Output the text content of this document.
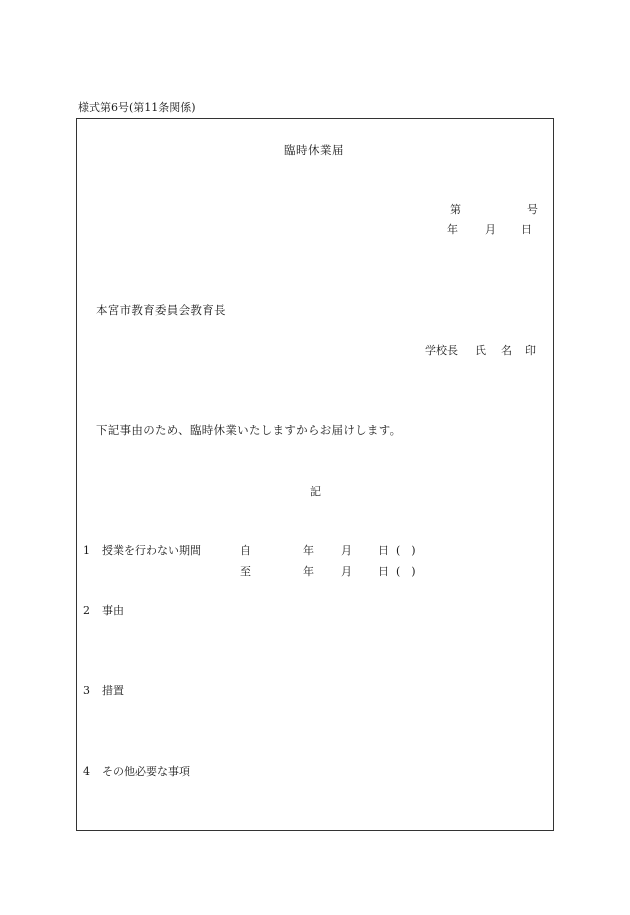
様式第6号(第11条関係)
臨時休業届
第	号
年 月 日
本宮市教育委員会教育長
学校長 氏 名 印
下記事由のため、臨時休業いたしますからお届けします。
記
1 授業を行わない期間	自	年 月 日 (　)
至	年 月 日 (　)
2 事由
3 措置
4 その他必要な事項
